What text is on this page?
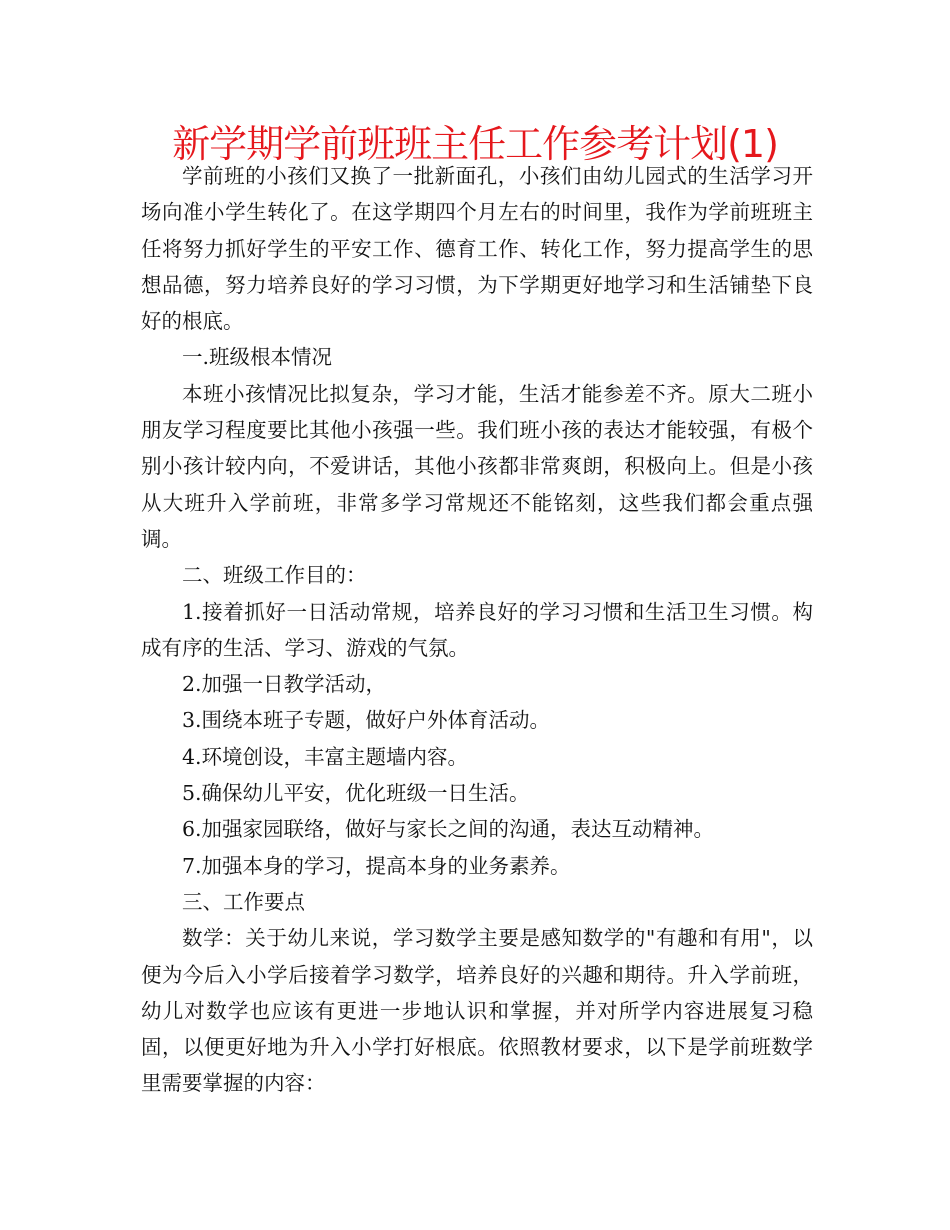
新学期学前班班主任工作参考计划(1)

学前班的小孩们又换了一批新面孔，小孩们由幼儿园式的生活学习开场向准小学生转化了。在这学期四个月左右的时间里，我作为学前班班主任将努力抓好学生的平安工作、德育工作、转化工作，努力提高学生的思想品德，努力培养良好的学习习惯，为下学期更好地学习和生活铺垫下良好的根底。

一.班级根本情况

本班小孩情况比拟复杂，学习才能，生活才能参差不齐。原大二班小朋友学习程度要比其他小孩强一些。我们班小孩的表达才能较强，有极个别小孩计较内向，不爱讲话，其他小孩都非常爽朗，积极向上。但是小孩从大班升入学前班，非常多学习常规还不能铭刻，这些我们都会重点强调。

二、班级工作目的：

1.接着抓好一日活动常规，培养良好的学习习惯和生活卫生习惯。构成有序的生活、学习、游戏的气氛。

2.加强一日教学活动，

3.围绕本班子专题，做好户外体育活动。

4.环境创设，丰富主题墙内容。

5.确保幼儿平安，优化班级一日生活。

6.加强家园联络，做好与家长之间的沟通，表达互动精神。

7.加强本身的学习，提高本身的业务素养。

三、工作要点

数学：关于幼儿来说，学习数学主要是感知数学的"有趣和有用"，以便为今后入小学后接着学习数学，培养良好的兴趣和期待。升入学前班，幼儿对数学也应该有更进一步地认识和掌握，并对所学内容进展复习稳固，以便更好地为升入小学打好根底。依照教材要求，以下是学前班数学里需要掌握的内容：
